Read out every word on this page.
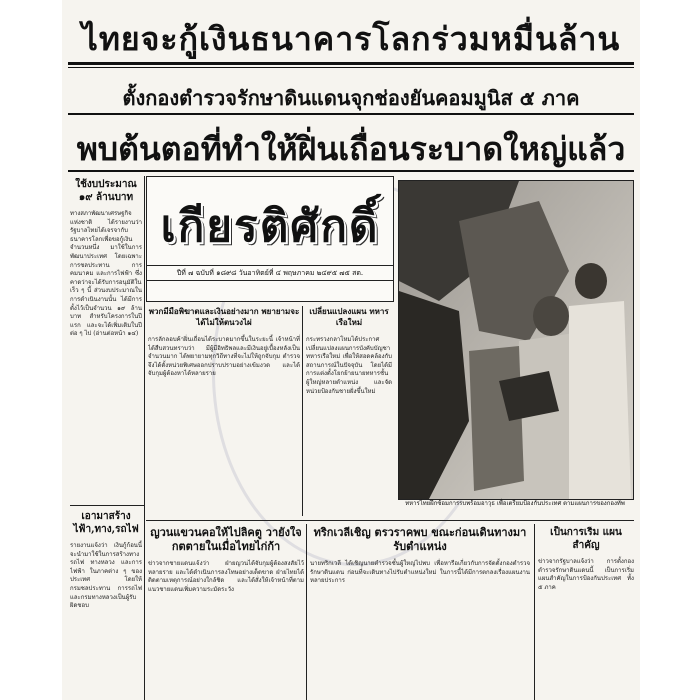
ไทยจะกู้เงินธนาคารโลกร่วมหมื่นล้าน
ตั้งกองตำรวจรักษาดินแดนจุกช่องยันคอมมูนิส ๕ ภาค
พบต้นตอที่ทำให้ฝิ่นเถื่อนระบาดใหญ่แล้ว
ใช้งบประมาณ ๑๙ ล้านบาท
ทางสภาพัฒนาเศรษฐกิจแห่งชาติ ได้รายงานว่า รัฐบาลไทยได้เจรจากับธนาคารโลกเพื่อขอกู้เงินจำนวนหนึ่ง มาใช้ในการพัฒนาประเทศ โดยเฉพาะการชลประทาน การคมนาคม และการไฟฟ้า ซึ่งคาดว่าจะได้รับการอนุมัติในเร็ว ๆ นี้ ส่วนงบประมาณในการดำเนินงานนั้น ได้มีการตั้งไว้เป็นจำนวน ๑๙ ล้านบาท สำหรับโครงการในปีแรก และจะได้เพิ่มเติมในปีต่อ ๆ ไป (อ่านต่อหน้า ๑๔)
เอามาสร้าง ไฟ้า,ทาง,รถไฟ
รายงานแจ้งว่า เงินกู้ก้อนนี้จะนำมาใช้ในการสร้างทางรถไฟ ทางหลวง และการไฟฟ้า ในภาคต่าง ๆ ของประเทศ โดยให้กรมชลประทาน การรถไฟ และกรมทางหลวงเป็นผู้รับผิดชอบ
เกียรติศักดิ์
ปีที่ ๗ ฉบับที่ ๑๘๙๘ วันอาทิตย์ที่ ๔ พฤษภาคม ๒๔๙๕ ๗๕ สต.
พวกมีมือพิฆาตและเงินอย่างมาก พยายามจะได้ไม่ให้ตนวงไผ่
การลักลอบค้าฝิ่นเถื่อนได้ระบาดมากขึ้นในระยะนี้ เจ้าหน้าที่ได้สืบสวนทราบว่า มีผู้มีอิทธิพลและมีเงินอยู่เบื้องหลังเป็นจำนวนมาก ได้พยายามทุกวิถีทางที่จะไม่ให้ถูกจับกุม ตำรวจจึงได้ตั้งหน่วยพิเศษออกปราบปรามอย่างเข้มงวด และได้จับกุมผู้ต้องหาได้หลายราย
เปลี่ยนแปลงแผน ทหารเรือใหม่
กระทรวงกลาโหมได้ประกาศเปลี่ยนแปลงแผนการบังคับบัญชาทหารเรือใหม่ เพื่อให้สอดคล้องกับสถานการณ์ในปัจจุบัน โดยได้มีการแต่งตั้งโยกย้ายนายทหารชั้นผู้ใหญ่หลายตำแหน่ง และจัดหน่วยป้องกันชายฝั่งขึ้นใหม่
ทหารไทยฝึกซ้อมการรบพร้อมอาวุธ เพื่อเตรียมป้องกันประเทศ ตามแผนการของกองทัพ
ญวนแขวนคอให้ไปลิคตู วายังใจกตตายในเมื่อไทยไก่ก้า
ข่าวจากชายแดนแจ้งว่า ฝ่ายญวนได้จับกุมผู้ต้องสงสัยไว้หลายราย และได้ดำเนินการลงโทษอย่างเด็ดขาด ฝ่ายไทยได้ติดตามเหตุการณ์อย่างใกล้ชิด และได้สั่งให้เจ้าหน้าที่ตามแนวชายแดนเพิ่มความระมัดระวัง
ทริกเวลีเชิญ ตรวราคพบ ขณะก่อนเดินทางมารับตำแหน่ง
นายทริกเวลี ได้เชิญนายตำรวจชั้นผู้ใหญ่ไปพบ เพื่อหารือเกี่ยวกับการจัดตั้งกองตำรวจรักษาดินแดน ก่อนที่จะเดินทางไปรับตำแหน่งใหม่ ในการนี้ได้มีการตกลงเรื่องแผนงานหลายประการ
เป็นการเริ่ม แผนสำคัญ
ข่าวจากรัฐบาลแจ้งว่า การตั้งกองตำรวจรักษาดินแดนนี้ เป็นการเริ่มแผนสำคัญในการป้องกันประเทศ ทั้ง ๕ ภาค
